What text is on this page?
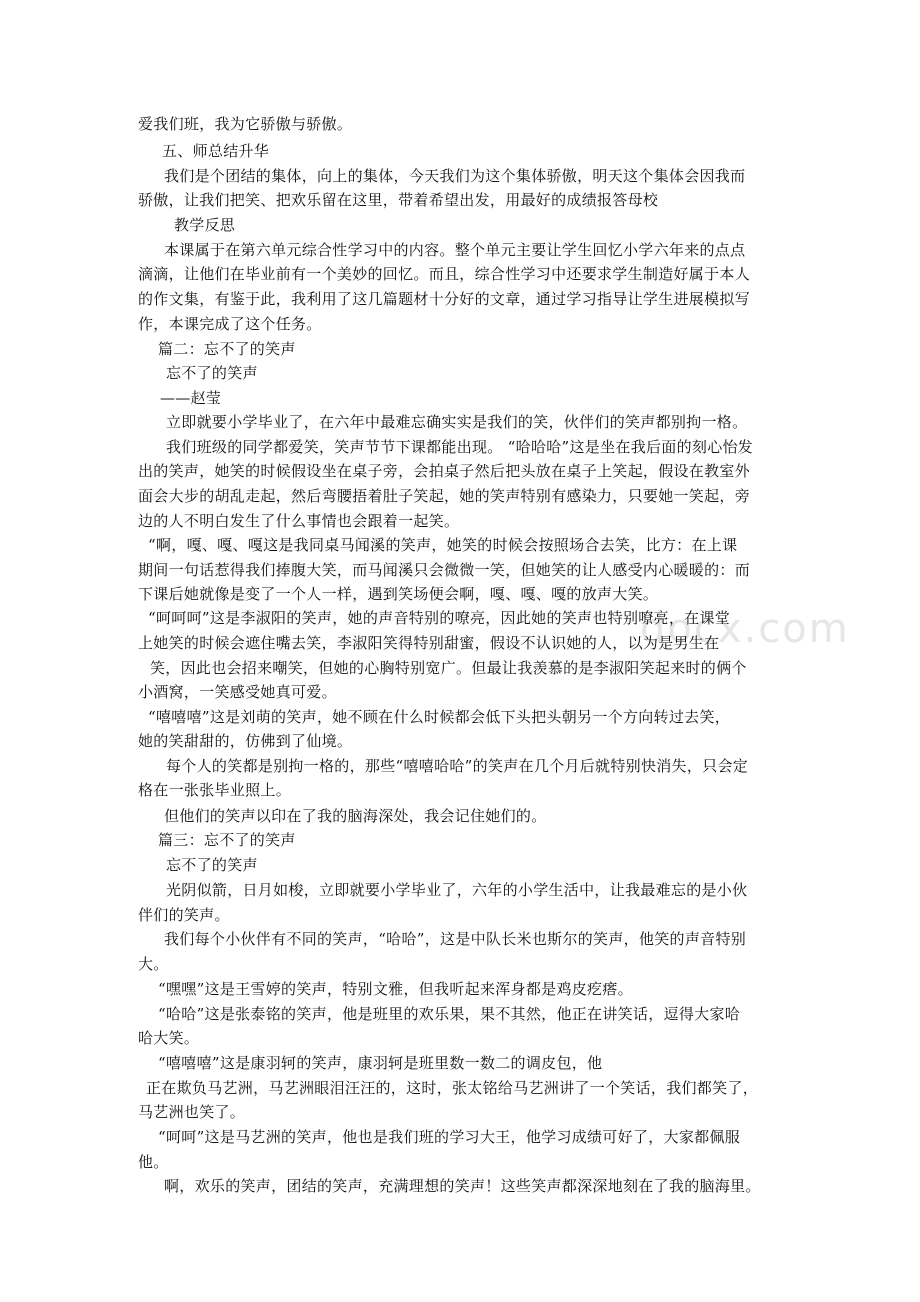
docx.com
爱我们班，我为它骄傲与骄傲。
五、师总结升华
我们是个团结的集体，向上的集体，今天我们为这个集体骄傲，明天这个集体会因我而
骄傲，让我们把笑、把欢乐留在这里，带着希望出发，用最好的成绩报答母校
教学反思
本课属于在第六单元综合性学习中的内容。整个单元主要让学生回忆小学六年来的点点
滴滴，让他们在毕业前有一个美妙的回忆。而且，综合性学习中还要求学生制造好属于本人
的作文集，有鉴于此，我利用了这几篇题材十分好的文章，通过学习指导让学生进展模拟写
作，本课完成了这个任务。
篇二：忘不了的笑声
忘不了的笑声
——赵莹
立即就要小学毕业了，在六年中最难忘确实实是我们的笑，伙伴们的笑声都别拘一格。
我们班级的同学都爱笑，笑声节节下课都能出现。 “哈哈哈”这是坐在我后面的刻心怡发
出的笑声，她笑的时候假设坐在桌子旁，会拍桌子然后把头放在桌子上笑起，假设在教室外
面会大步的胡乱走起，然后弯腰捂着肚子笑起，她的笑声特别有感染力，只要她一笑起，旁
边的人不明白发生了什么事情也会跟着一起笑。
“啊，嘎、嘎、嘎这是我同桌马闻溪的笑声，她笑的时候会按照场合去笑，比方：在上课
期间一句话惹得我们捧腹大笑，而马闻溪只会微微一笑，但她笑的让人感受内心暖暖的：而
下课后她就像是变了一个人一样，遇到笑场便会啊，嘎、嘎、嘎的放声大笑。
“呵呵呵”这是李淑阳的笑声，她的声音特别的嘹亮，因此她的笑声也特别嘹亮，在课堂
上她笑的时候会遮住嘴去笑，李淑阳笑得特别甜蜜，假设不认识她的人，以为是男生在
笑，因此也会招来嘲笑，但她的心胸特别宽广。但最让我羡慕的是李淑阳笑起来时的俩个
小酒窝，一笑感受她真可爱。
“嘻嘻嘻”这是刘萌的笑声，她不顾在什么时候都会低下头把头朝另一个方向转过去笑，
她的笑甜甜的，仿佛到了仙境。
每个人的笑都是别拘一格的，那些“嘻嘻哈哈”的笑声在几个月后就特别快消失，只会定
格在一张张毕业照上。
但他们的笑声以印在了我的脑海深处，我会记住她们的。
篇三：忘不了的笑声
忘不了的笑声
光阴似箭，日月如梭，立即就要小学毕业了，六年的小学生活中，让我最难忘的是小伙
伴们的笑声。
我们每个小伙伴有不同的笑声，“哈哈”，这是中队长米也斯尔的笑声，他笑的声音特别
大。
“嘿嘿”这是王雪婷的笑声，特别文雅，但我听起来浑身都是鸡皮疙瘩。
“哈哈”这是张泰铭的笑声，他是班里的欢乐果，果不其然，他正在讲笑话，逗得大家哈
哈大笑。
“嘻嘻嘻”这是康羽轲的笑声，康羽轲是班里数一数二的调皮包，他
正在欺负马艺洲，马艺洲眼泪汪汪的，这时，张太铭给马艺洲讲了一个笑话，我们都笑了，
马艺洲也笑了。
“呵呵”这是马艺洲的笑声，他也是我们班的学习大王，他学习成绩可好了，大家都佩服
他。
啊，欢乐的笑声，团结的笑声，充满理想的笑声！这些笑声都深深地刻在了我的脑海里。
